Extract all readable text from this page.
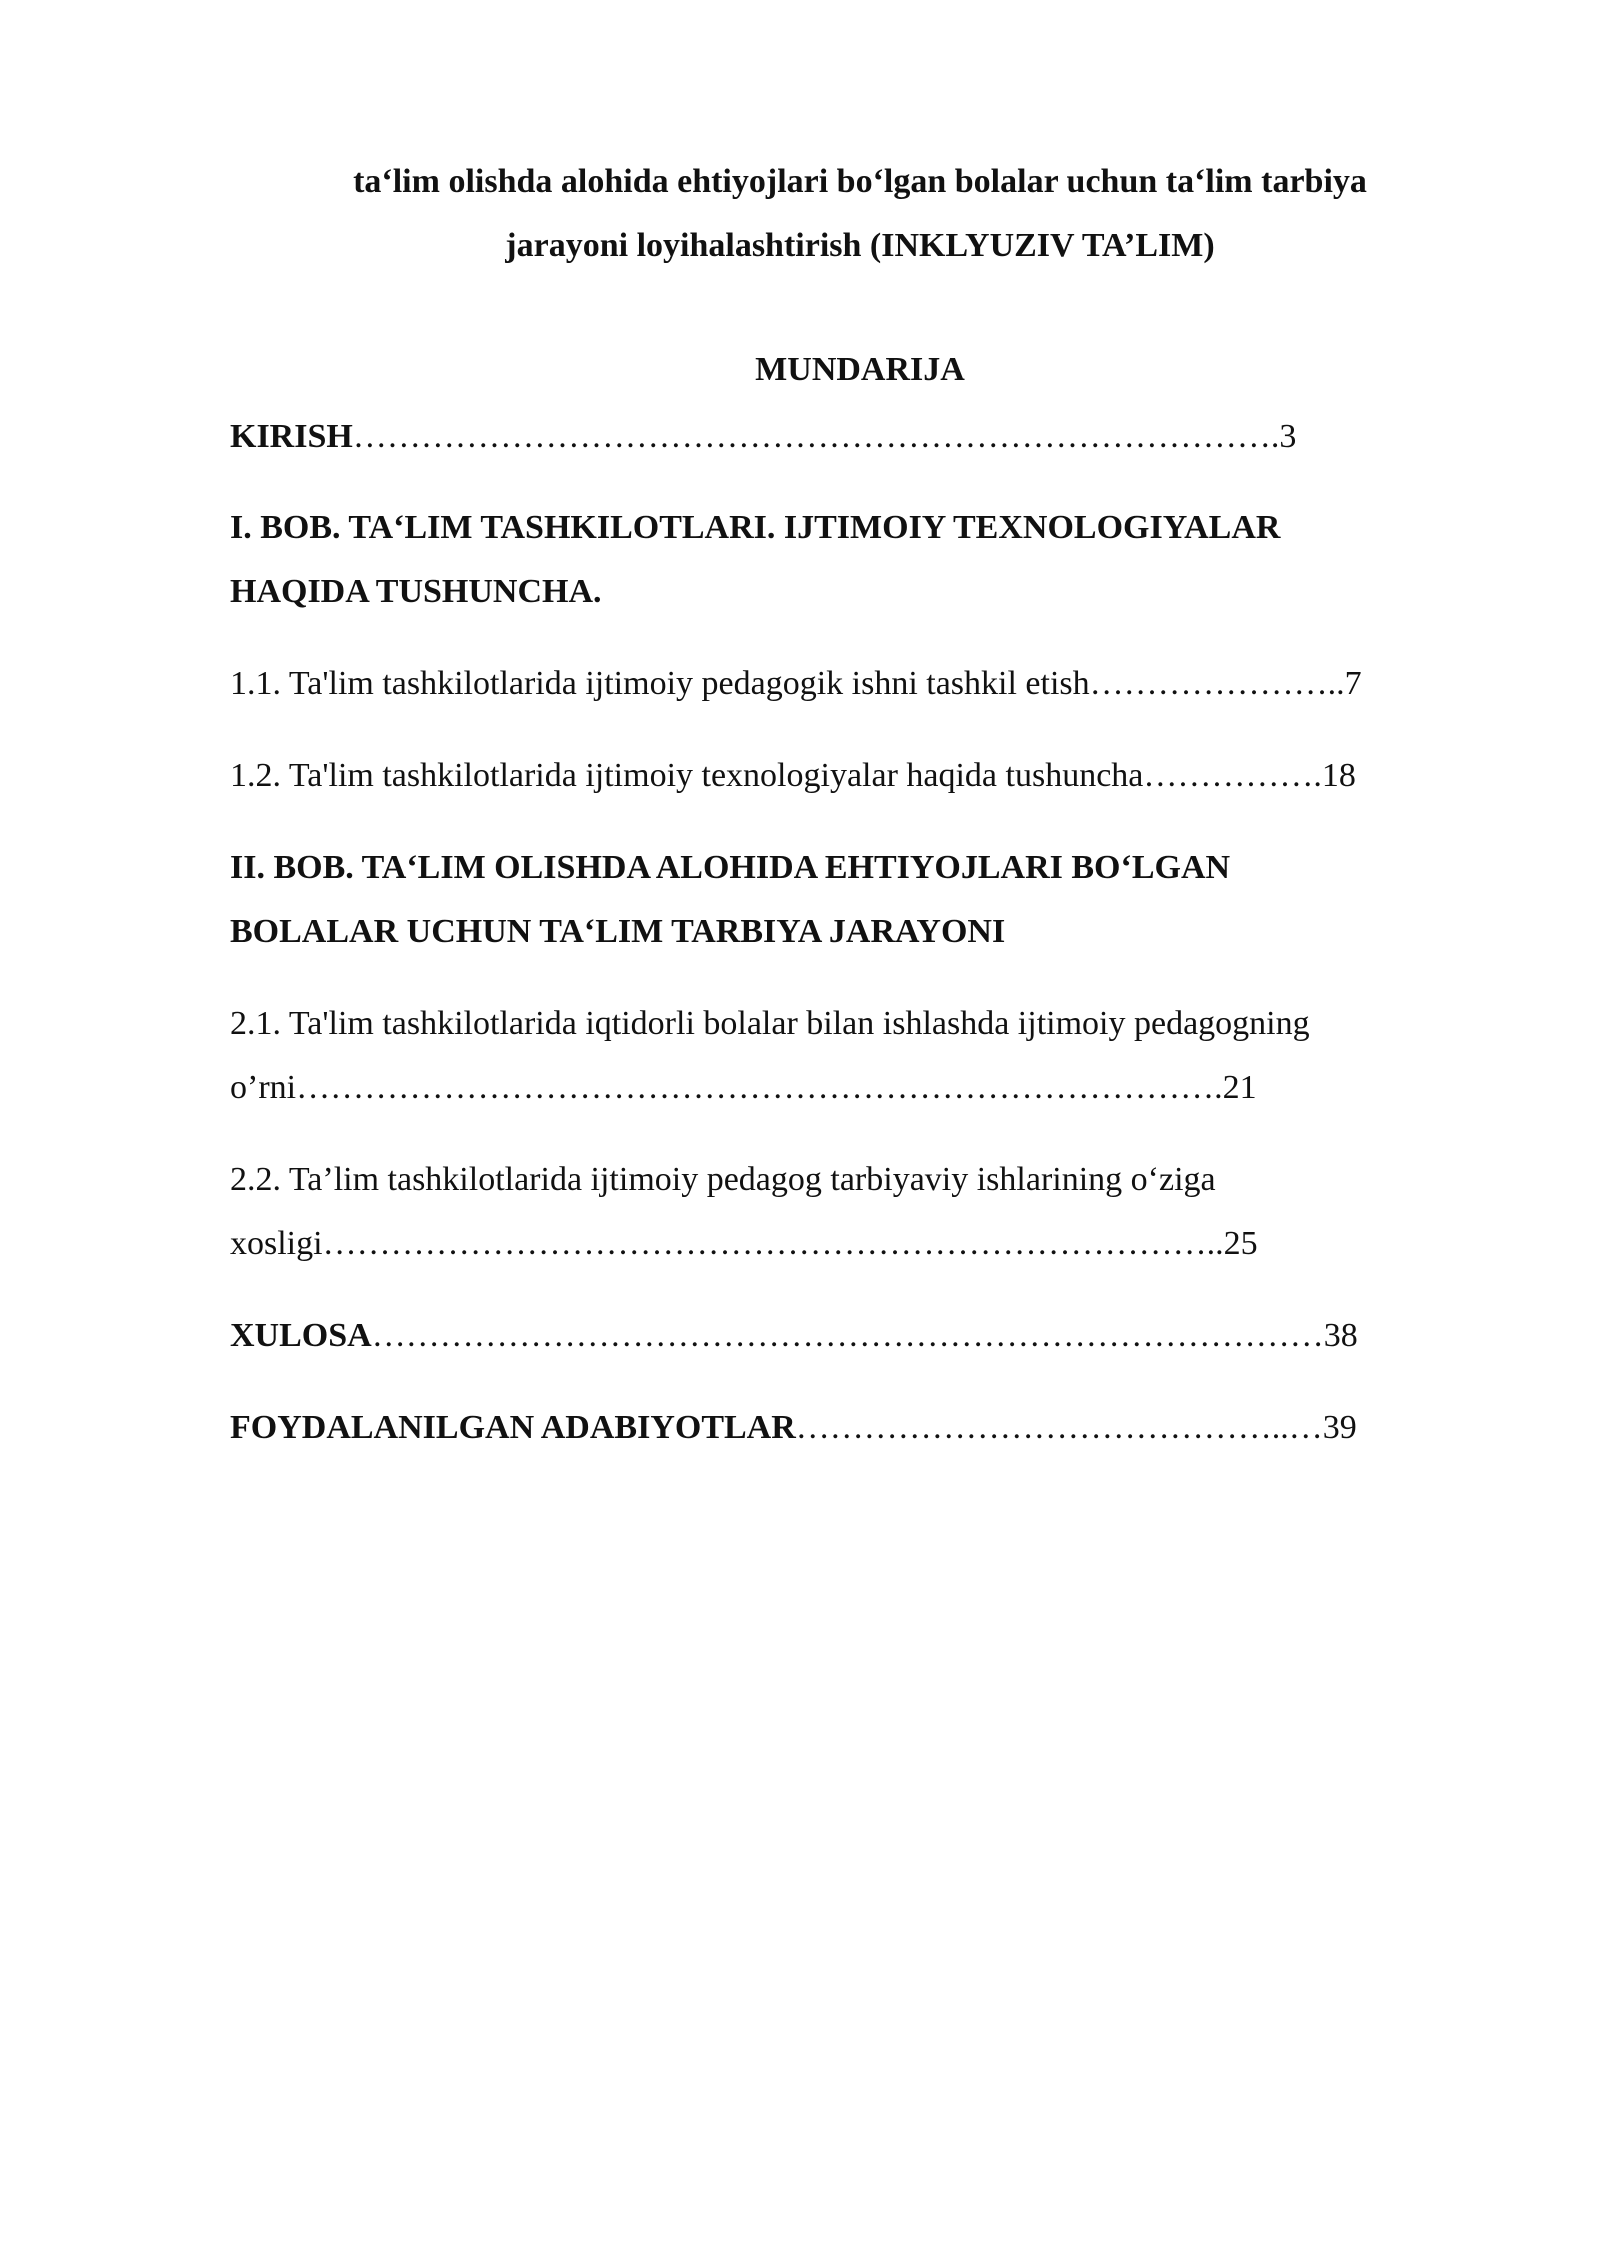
ta‘lim olishda alohida ehtiyojlari bo‘lgan bolalar uchun ta‘lim tarbiya
jarayoni loyihalashtirish (INKLYUZIV TA’LIM)
MUNDARIJA
KIRISH……………………………………………………………………….3
I. BOB. TA‘LIM TASHKILOTLARI. IJTIMOIY TEXNOLOGIYALAR
HAQIDA TUSHUNCHA.
1.1. Ta'lim tashkilotlarida ijtimoiy pedagogik ishni tashkil etish…………………..7
1.2. Ta'lim tashkilotlarida ijtimoiy texnologiyalar haqida tushuncha…………….18
II. BOB. TA‘LIM OLISHDA ALOHIDA EHTIYOJLARI BO‘LGAN
BOLALAR UCHUN TA‘LIM TARBIYA JARAYONI
2.1. Ta'lim tashkilotlarida iqtidorli bolalar bilan ishlashda ijtimoiy pedagogning
o’rni……………………………………………………………………….21
2.2. Ta’lim tashkilotlarida ijtimoiy pedagog tarbiyaviy ishlarining o‘ziga
xosligi……………………………………………………………………..25
XULOSA…………………………………………………………………………38
FOYDALANILGAN ADABIYOTLAR……………………………………..…39
